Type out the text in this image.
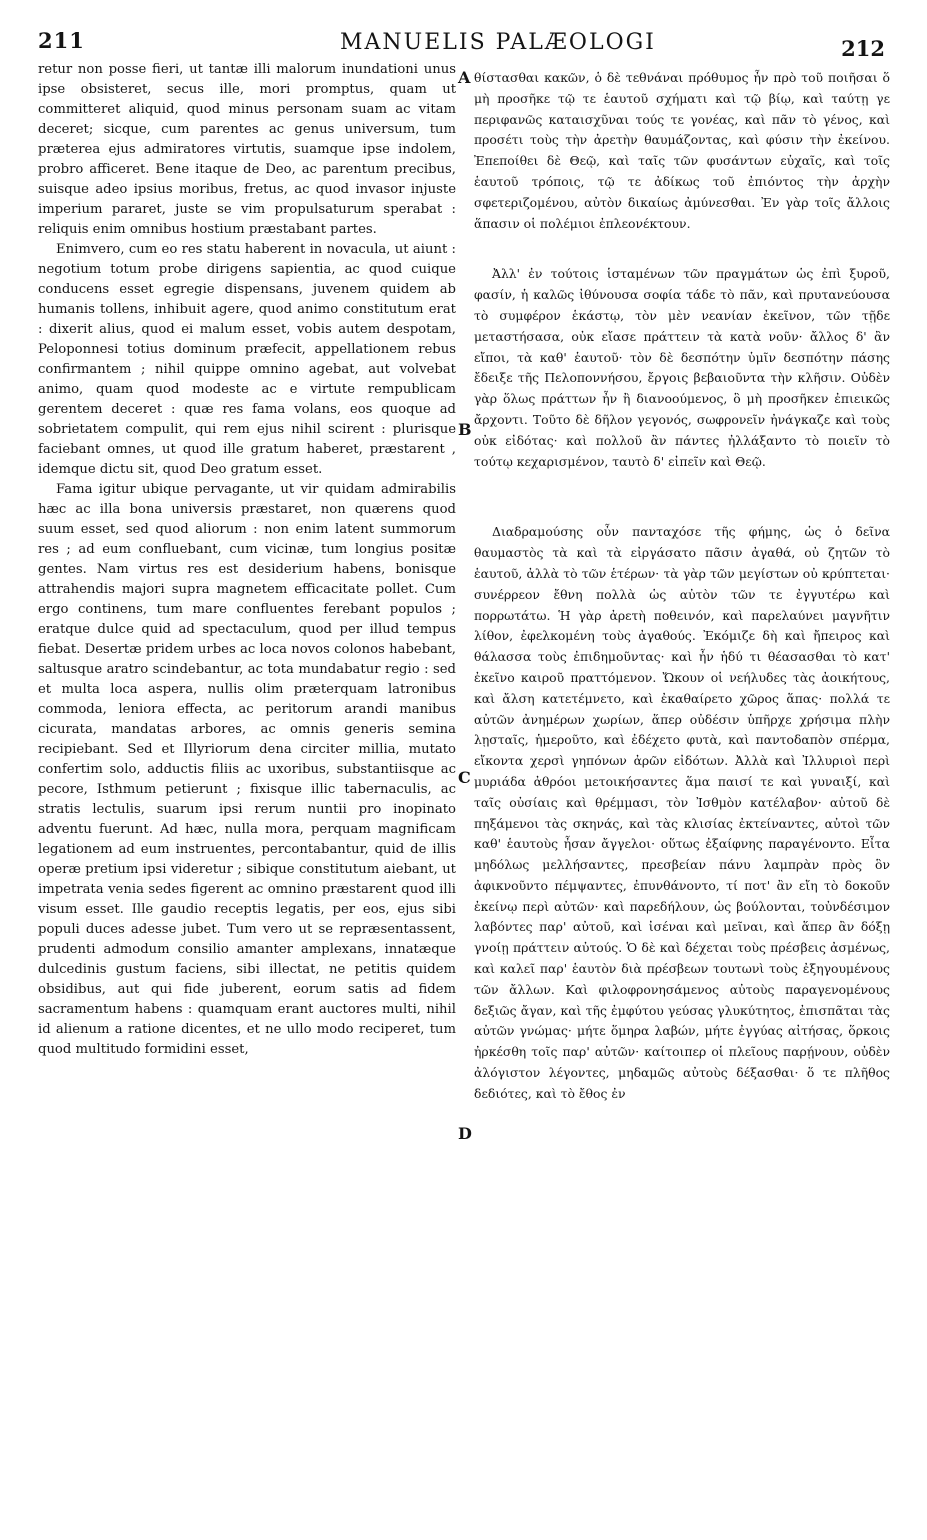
211	MANUELIS PALÆOLOGI	212
A
B
C
D

retur non posse fieri, ut tantæ illi malorum inundationi unus ipse obsisteret, secus ille, mori promptus, quam ut committeret aliquid, quod minus personam suam ac vitam deceret; sicque, cum parentes ac genus universum, tum præterea ejus admiratores virtutis, suamque ipse indolem, probro afficeret. Bene itaque de Deo, ac parentum precibus, suisque adeo ipsius moribus, fretus, ac quod invasor injuste imperium pararet, juste se vim propulsaturum sperabat : reliquis enim omnibus hostium præstabant partes.

Enimvero, cum eo res statu haberent in novacula, ut aiunt : negotium totum probe dirigens sapientia, ac quod cuique conducens esset egregie dispensans, juvenem quidem ab humanis tollens, inhibuit agere, quod animo constitutum erat : dixerit alius, quod ei malum esset, vobis autem despotam, Peloponnesi totius dominum præfecit, appellationem rebus confirmantem ; nihil quippe omnino agebat, aut volvebat animo, quam quod modeste ac e virtute rempublicam gerentem deceret : quæ res fama volans, eos quoque ad sobrietatem compulit, qui rem ejus nihil scirent : plurisque faciebant omnes, ut quod ille gratum haberet, præstarent , idemque dictu sit, quod Deo gratum esset.

Fama igitur ubique pervagante, ut vir quidam admirabilis hæc ac illa bona universis præstaret, non quærens quod suum esset, sed quod aliorum : non enim latent summorum res ; ad eum confluebant, cum vicinæ, tum longius positæ gentes. Nam virtus res est desiderium habens, bonisque attrahendis majori supra magnetem efficacitate pollet. Cum ergo continens, tum mare confluentes ferebant populos ; eratque dulce quid ad spectaculum, quod per illud tempus fiebat. Desertæ pridem urbes ac loca novos colonos habebant, saltusque aratro scindebantur, ac tota mundabatur regio : sed et multa loca aspera, nullis olim præterquam latronibus commoda, leniora effecta, ac peritorum arandi manibus cicurata, mandatas arbores, ac omnis generis semina recipiebant. Sed et Illyriorum dena circiter millia, mutato confertim solo, adductis filiis ac uxoribus, substantiisque ac pecore, Isthmum petierunt ; fixisque illic tabernaculis, ac stratis lectulis, suarum ipsi rerum nuntii pro inopinato adventu fuerunt. Ad hæc, nulla mora, perquam magnificam legationem ad eum instruentes, percontabantur, quid de illis operæ pretium ipsi videretur ; sibique constitutum aiebant, ut impetrata venia sedes figerent ac omnino præstarent quod illi visum esset. Ille gaudio receptis legatis, per eos, ejus sibi populi duces adesse jubet. Tum vero ut se repræsentassent, prudenti admodum consilio amanter amplexans, innatæque dulcedinis gustum faciens, sibi illectat, ne petitis quidem obsidibus, aut qui fide juberent, eorum satis ad fidem sacramentum habens : quamquam erant auctores multi, nihil id alienum a ratione dicentes, et ne ullo modo reciperet, tum quod multitudo formidini esset,

θίστασθαι κακῶν, ὁ δὲ τεθνάναι πρόθυμος ἦν πρὸ τοῦ ποιῆσαι ὅ μὴ προσῆκε τῷ τε ἑαυτοῦ σχήματι καὶ τῷ βίῳ, καὶ ταύτῃ γε περιφανῶς καταισχῦναι τούς τε γονέας, καὶ πᾶν τὸ γένος, καὶ προσέτι τοὺς τὴν ἀρετὴν θαυμάζοντας, καὶ φύσιν τὴν ἐκείνου. Ἐπεποίθει δὲ Θεῷ, καὶ ταῖς τῶν φυσάντων εὐχαῖς, καὶ τοῖς ἑαυτοῦ τρόποις, τῷ τε ἀδίκως τοῦ ἐπιόντος τὴν ἀρχὴν σφετεριζομένου, αὐτὸν δικαίως ἀμύνεσθαι. Ἐν γὰρ τοῖς ἄλλοις ἅπασιν οἱ πολέμιοι ἐπλεονέκτουν.

Ἀλλ' ἐν τούτοις ἱσταμένων τῶν πραγμάτων ὡς ἐπὶ ξυροῦ, φασίν, ἡ καλῶς ἰθύνουσα σοφία τάδε τὸ πᾶν, καὶ πρυτανεύουσα τὸ συμφέρον ἑκάστῳ, τὸν μὲν νεανίαν ἐκεῖνον, τῶν τῇδε μεταστήσασα, οὐκ εἴασε πράττειν τὰ κατὰ νοῦν· ἄλλος δ' ἂν εἴποι, τὰ καθ' ἑαυτοῦ· τὸν δὲ δεσπότην ὑμῖν δεσπότην πάσης ἔδειξε τῆς Πελοποννήσου, ἔργοις βεβαιοῦντα τὴν κλῆσιν. Οὐδὲν γὰρ ὅλως πράττων ἦν ἢ διανοούμενος, ὃ μὴ προσῆκεν ἐπιεικῶς ἄρχοντι. Τοῦτο δὲ δῆλον γεγονός, σωφρονεῖν ἠνάγκαζε καὶ τοὺς οὐκ εἰδότας· καὶ πολλοῦ ἂν πάντες ἠλλάξαντο τὸ ποιεῖν τὸ τούτῳ κεχαρισμένον, ταυτὸ δ' εἰπεῖν καὶ Θεῷ.

Διαδραμούσης οὖν πανταχόσε τῆς φήμης, ὡς ὁ δεῖνα θαυμαστὸς τὰ καὶ τὰ εἰργάσατο πᾶσιν ἀγαθά, οὐ ζητῶν τὸ ἑαυτοῦ, ἀλλὰ τὸ τῶν ἑτέρων· τὰ γὰρ τῶν μεγίστων οὐ κρύπτεται· συνέρρεον ἔθνη πολλὰ ὡς αὐτὸν τῶν τε ἐγγυτέρω καὶ πορρωτάτω. Ἡ γὰρ ἀρετὴ ποθεινόν, καὶ παρελαύνει μαγνῆτιν λίθον, ἐφελκομένη τοὺς ἀγαθούς. Ἐκόμιζε δὴ καὶ ἤπειρος καὶ θάλασσα τοὺς ἐπιδημοῦντας· καὶ ἦν ἡδύ τι θέασασθαι τὸ κατ' ἐκεῖνο καιροῦ πραττόμενον. Ὤκουν οἱ νεήλυδες τὰς ἀοικήτους, καὶ ἄλση κατετέμνετο, καὶ ἐκαθαίρετο χῶρος ἅπας· πολλά τε αὐτῶν ἀνημέρων χωρίων, ἅπερ οὐδέσιν ὑπῆρχε χρήσιμα πλὴν λῃσταῖς, ἡμεροῦτο, καὶ ἐδέχετο φυτὰ, καὶ παντοδαπὸν σπέρμα, εἴκοντα χερσὶ γηπόνων ἀρῶν εἰδότων. Ἀλλὰ καὶ Ἰλλυριοὶ περὶ μυριάδα ἀθρόοι μετοικήσαντες ἅμα παισί τε καὶ γυναιξί, καὶ ταῖς οὐσίαις καὶ θρέμμασι, τὸν Ἰσθμὸν κατέλαβον· αὐτοῦ δὲ πηξάμενοι τὰς σκηνάς, καὶ τὰς κλισίας ἐκτείναντες, αὐτοὶ τῶν καθ' ἑαυτοὺς ἦσαν ἄγγελοι· οὕτως ἐξαίφνης παραγένοντο. Εἶτα μηδόλως μελλήσαντες, πρεσβείαν πάνυ λαμπρὰν πρὸς ὃν ἀφικνοῦντο πέμψαντες, ἐπυνθάνοντο, τί ποτ' ἂν εἴη τὸ δοκοῦν ἐκείνῳ περὶ αὐτῶν· καὶ παρεδήλουν, ὡς βούλονται, τοὐνδέσιμον λαβόντες παρ' αὐτοῦ, καὶ ἰσέναι καὶ μεῖναι, καὶ ἅπερ ἂν δόξῃ γνοίῃ πράττειν αὐτούς. Ὁ δὲ καὶ δέχεται τοὺς πρέσβεις ἀσμένως, καὶ καλεῖ παρ' ἑαυτὸν διὰ πρέσβεων τουτωνὶ τοὺς ἐξηγουμένους τῶν ἄλλων. Καὶ φιλοφρονησάμενος αὐτοὺς παραγενομένους δεξιῶς ἄγαν, καὶ τῆς ἐμφύτου γεύσας γλυκύτητος, ἐπισπᾶται τὰς αὐτῶν γνώμας· μήτε ὅμηρα λαβών, μήτε ἐγγύας αἰτήσας, ὅρκοις ἠρκέσθη τοῖς παρ' αὐτῶν· καίτοιπερ οἱ πλεῖους παρῄνουν, οὐδὲν ἀλόγιστον λέγοντες, μηδαμῶς αὐτοὺς δέξασθαι· ὅ τε πλῆθος δεδιότες, καὶ τὸ ἔθος ἐν
